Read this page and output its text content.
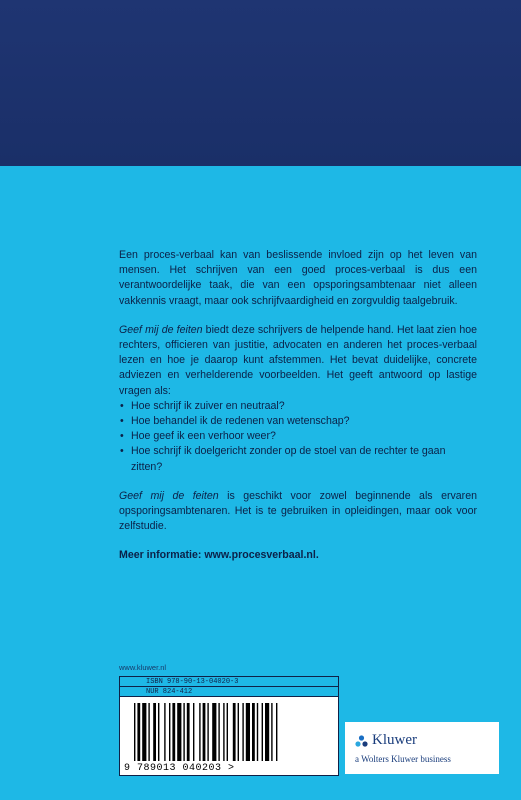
Een proces-verbaal kan van beslissende invloed zijn op het leven van mensen. Het schrijven van een goed proces-verbaal is dus een verantwoordelijke taak, die van een opsporingsambtenaar niet alleen vakkennis vraagt, maar ook schrijfvaardigheid en zorgvuldig taalgebruik.

Geef mij de feiten biedt deze schrijvers de helpende hand. Het laat zien hoe rechters, officieren van justitie, advocaten en anderen het proces-verbaal lezen en hoe je daarop kunt afstemmen. Het bevat duidelijke, concrete adviezen en verhelderende voorbeelden. Het geeft antwoord op lastige vragen als:

• Hoe schrijf ik zuiver en neutraal?
• Hoe behandel ik de redenen van wetenschap?
• Hoe geef ik een verhoor weer?
• Hoe schrijf ik doelgericht zonder op de stoel van de rechter te gaan zitten?

Geef mij de feiten is geschikt voor zowel beginnende als ervaren opsporingsambtenaren. Het is te gebruiken in opleidingen, maar ook voor zelfstudie.

Meer informatie: www.procesverbaal.nl.

www.kluwer.nl
ISBN 978-90-13-04020-3
NUR 824-412
9 789013 040203 >
Kluwer
a Wolters Kluwer business
